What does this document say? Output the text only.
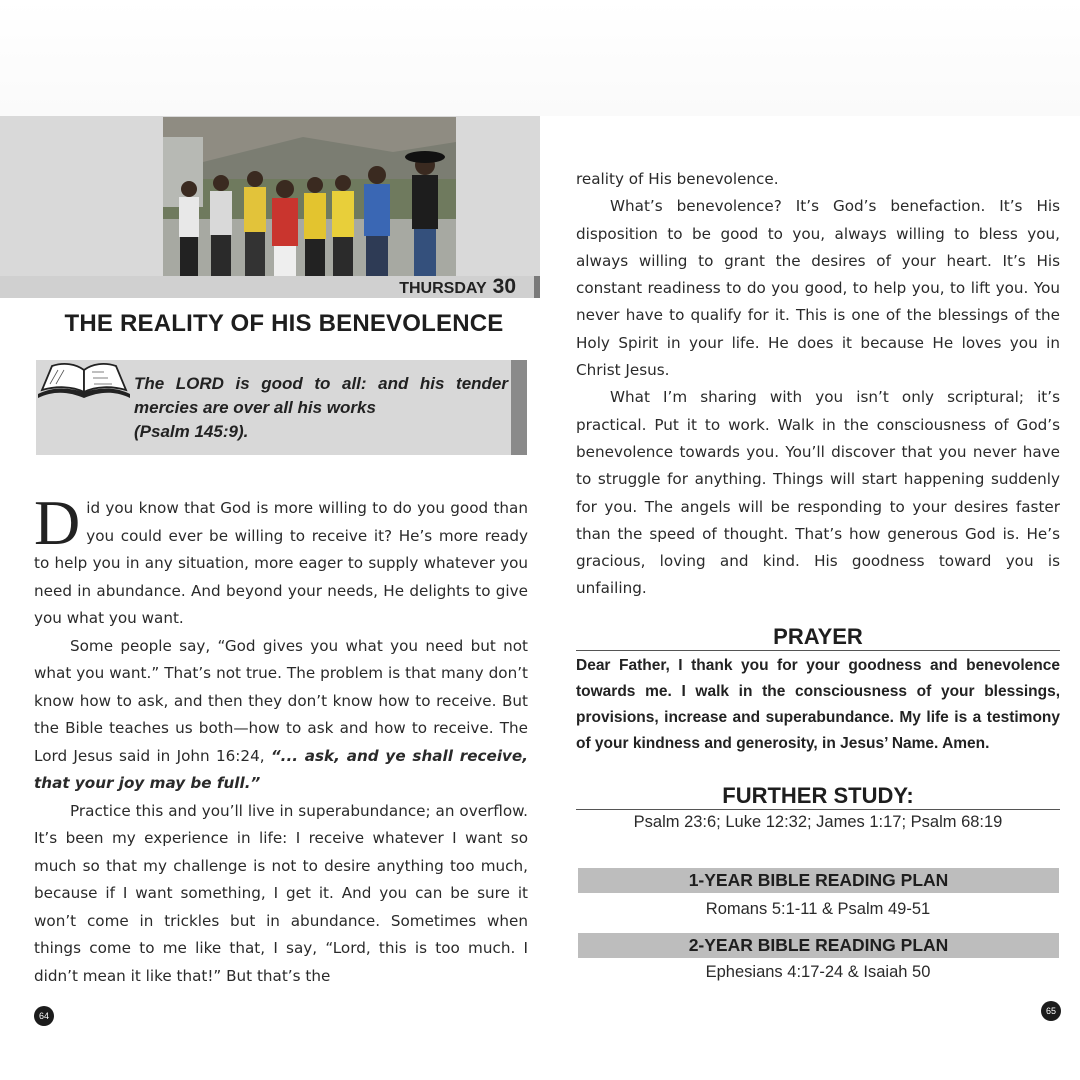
THURSDAY 30
THE REALITY OF HIS BENEVOLENCE
The LORD is good to all: and his tender mercies are over all his works
(Psalm 145:9).

Did you know that God is more willing to do you good than you could ever be willing to receive it? He’s more ready to help you in any situation, more eager to supply whatever you need in abundance. And beyond your needs, He delights to give you what you want.

Some people say, “God gives you what you need but not what you want.” That’s not true. The problem is that many don’t know how to ask, and then they don’t know how to receive. But the Bible teaches us both—how to ask and how to receive. The Lord Jesus said in John 16:24, “... ask, and ye shall receive, that your joy may be full.”

Practice this and you’ll live in superabundance; an overflow. It’s been my experience in life: I receive whatever I want so much so that my challenge is not to desire anything too much, because if I want something, I get it. And you can be sure it won’t come in trickles but in abundance. Sometimes when things come to me like that, I say, “Lord, this is too much. I didn’t mean it like that!” But that’s the

64

reality of His benevolence.

What’s benevolence? It’s God’s benefaction. It’s His disposition to be good to you, always willing to bless you, always willing to grant the desires of your heart. It’s His constant readiness to do you good, to help you, to lift you. You never have to qualify for it. This is one of the blessings of the Holy Spirit in your life. He does it because He loves you in Christ Jesus.

What I’m sharing with you isn’t only scriptural; it’s practical. Put it to work. Walk in the consciousness of God’s benevolence towards you. You’ll discover that you never have to struggle for anything. Things will start happening suddenly for you. The angels will be responding to your desires faster than the speed of thought. That’s how generous God is. He’s gracious, loving and kind. His goodness toward you is unfailing.

PRAYER
Dear Father, I thank you for your goodness and benevolence towards me. I walk in the consciousness of your blessings, provisions, increase and superabundance. My life is a testimony of your kindness and generosity, in Jesus’ Name. Amen.
FURTHER STUDY:
Psalm 23:6; Luke 12:32; James 1:17; Psalm 68:19
1-YEAR BIBLE READING PLAN
Romans 5:1-11 & Psalm 49-51
2-YEAR BIBLE READING PLAN
Ephesians 4:17-24 & Isaiah 50
65
